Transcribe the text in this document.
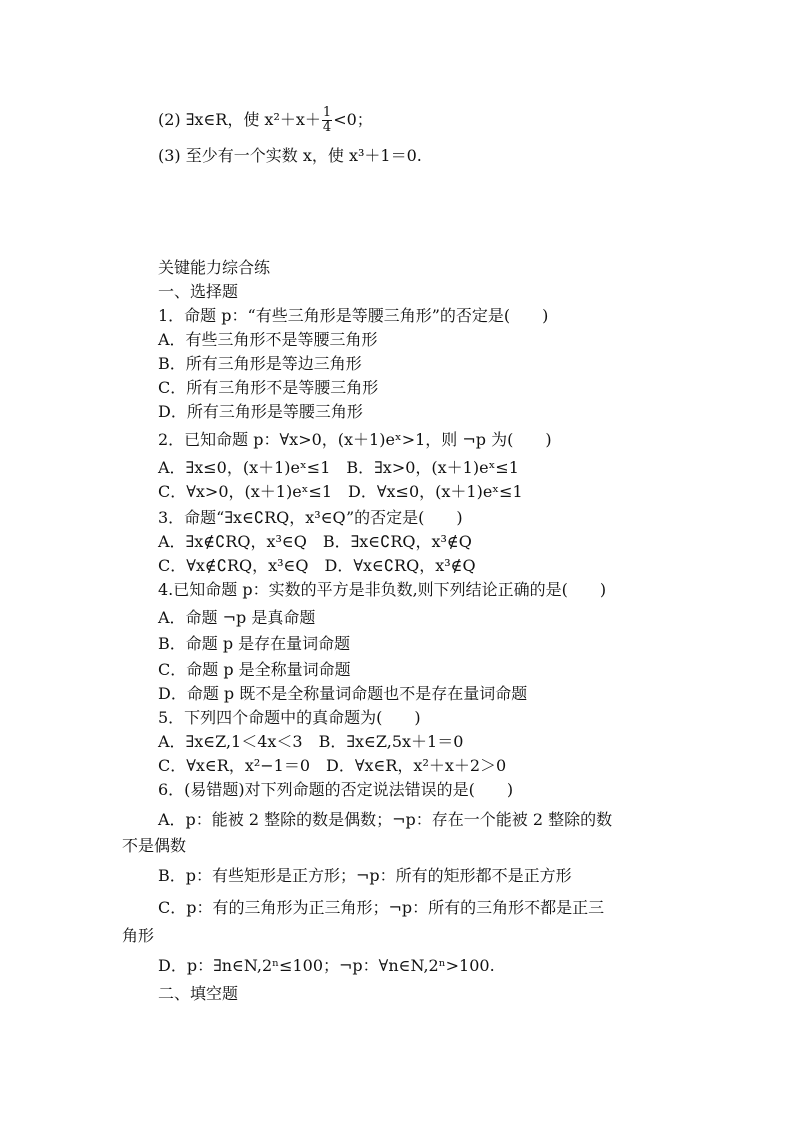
(2) ∃x∈R，使 $x^2+x+ \frac{1}{4} <0$；
(3) 至少有一个实数 x，使 x³＋1＝0.
关键能力综合练
一、选择题
1．命题 p：“有些三角形是等腰三角形”的否定是(　　)
A．有些三角形不是等腰三角形
B．所有三角形是等边三角形
C．所有三角形不是等腰三角形
D．所有三角形是等腰三角形
2．已知命题 p：∀x>0，(x＋1)eˣ>1，则 ¬p 为(　　)
A．∃x≤0，(x＋1)eˣ≤1　B．∃x>0，(x＋1)eˣ≤1
C．∀x>0，(x＋1)eˣ≤1　D．∀x≤0，(x＋1)eˣ≤1
3．命题“∃x∈∁RQ，x³∈Q”的否定是(　　)
A．∃x∉∁RQ，x³∈Q　B．∃x∈∁RQ，x³∉Q
C．∀x∉∁RQ，x³∈Q　D．∀x∈∁RQ，x³∉Q
4.已知命题 p：实数的平方是非负数,则下列结论正确的是(　　)
A．命题 ¬p 是真命题
B．命题 p 是存在量词命题
C．命题 p 是全称量词命题
D．命题 p 既不是全称量词命题也不是存在量词命题
5．下列四个命题中的真命题为(　　)
A．∃x∈Z,1＜4x＜3　B．∃x∈Z,5x＋1＝0
C．∀x∈R，x²−1＝0　D．∀x∈R，x²＋x＋2＞0
6．(易错题)对下列命题的否定说法错误的是(　　)
A．p：能被 2 整除的数是偶数；¬p：存在一个能被 2 整除的数
不是偶数
B．p：有些矩形是正方形；¬p：所有的矩形都不是正方形
C．p：有的三角形为正三角形；¬p：所有的三角形不都是正三
角形
D．p：∃n∈N,2ⁿ≤100；¬p：∀n∈N,2ⁿ>100.
二、填空题
